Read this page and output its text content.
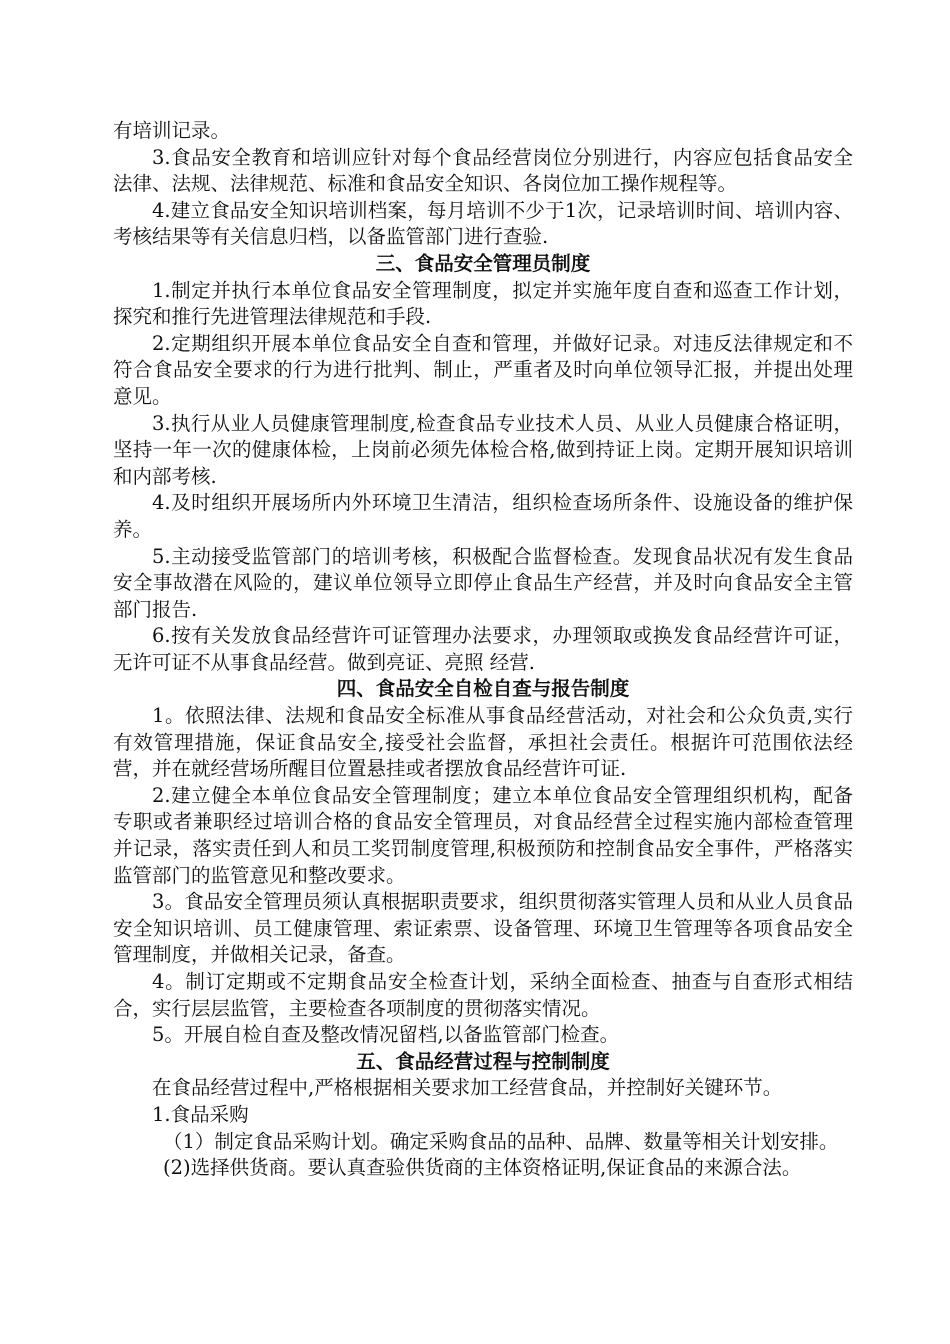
有培训记录。

3.食品安全教育和培训应针对每个食品经营岗位分别进行，内容应包括食品安全法律、法规、法律规范、标准和食品安全知识、各岗位加工操作规程等。

4.建立食品安全知识培训档案，每月培训不少于1次，记录培训时间、培训内容、考核结果等有关信息归档，以备监管部门进行查验.

三、食品安全管理员制度

1.制定并执行本单位食品安全管理制度，拟定并实施年度自查和巡查工作计划，探究和推行先进管理法律规范和手段.

2.定期组织开展本单位食品安全自查和管理，并做好记录。对违反法律规定和不符合食品安全要求的行为进行批判、制止，严重者及时向单位领导汇报，并提出处理意见。

3.执行从业人员健康管理制度,检查食品专业技术人员、从业人员健康合格证明，坚持一年一次的健康体检，上岗前必须先体检合格,做到持证上岗。定期开展知识培训和内部考核.

4.及时组织开展场所内外环境卫生清洁，组织检查场所条件、设施设备的维护保养。

5.主动接受监管部门的培训考核，积极配合监督检查。发现食品状况有发生食品安全事故潜在风险的，建议单位领导立即停止食品生产经营，并及时向食品安全主管部门报告.

6.按有关发放食品经营许可证管理办法要求，办理领取或换发食品经营许可证，无许可证不从事食品经营。做到亮证、亮照 经营.

四、食品安全自检自查与报告制度

1。依照法律、法规和食品安全标准从事食品经营活动，对社会和公众负责,实行有效管理措施，保证食品安全,接受社会监督，承担社会责任。根据许可范围依法经营，并在就经营场所醒目位置悬挂或者摆放食品经营许可证.

2.建立健全本单位食品安全管理制度；建立本单位食品安全管理组织机构，配备专职或者兼职经过培训合格的食品安全管理员，对食品经营全过程实施内部检查管理并记录，落实责任到人和员工奖罚制度管理,积极预防和控制食品安全事件，严格落实监管部门的监管意见和整改要求。

3。食品安全管理员须认真根据职责要求，组织贯彻落实管理人员和从业人员食品安全知识培训、员工健康管理、索证索票、设备管理、环境卫生管理等各项食品安全管理制度，并做相关记录，备查。

4。制订定期或不定期食品安全检查计划，采纳全面检查、抽查与自查形式相结合，实行层层监管，主要检查各项制度的贯彻落实情况。

5。开展自检自查及整改情况留档,以备监管部门检查。

五、食品经营过程与控制制度

在食品经营过程中,严格根据相关要求加工经营食品，并控制好关键环节。

1.食品采购

（1）制定食品采购计划。确定采购食品的品种、品牌、数量等相关计划安排。

(2)选择供货商。要认真查验供货商的主体资格证明,保证食品的来源合法。
